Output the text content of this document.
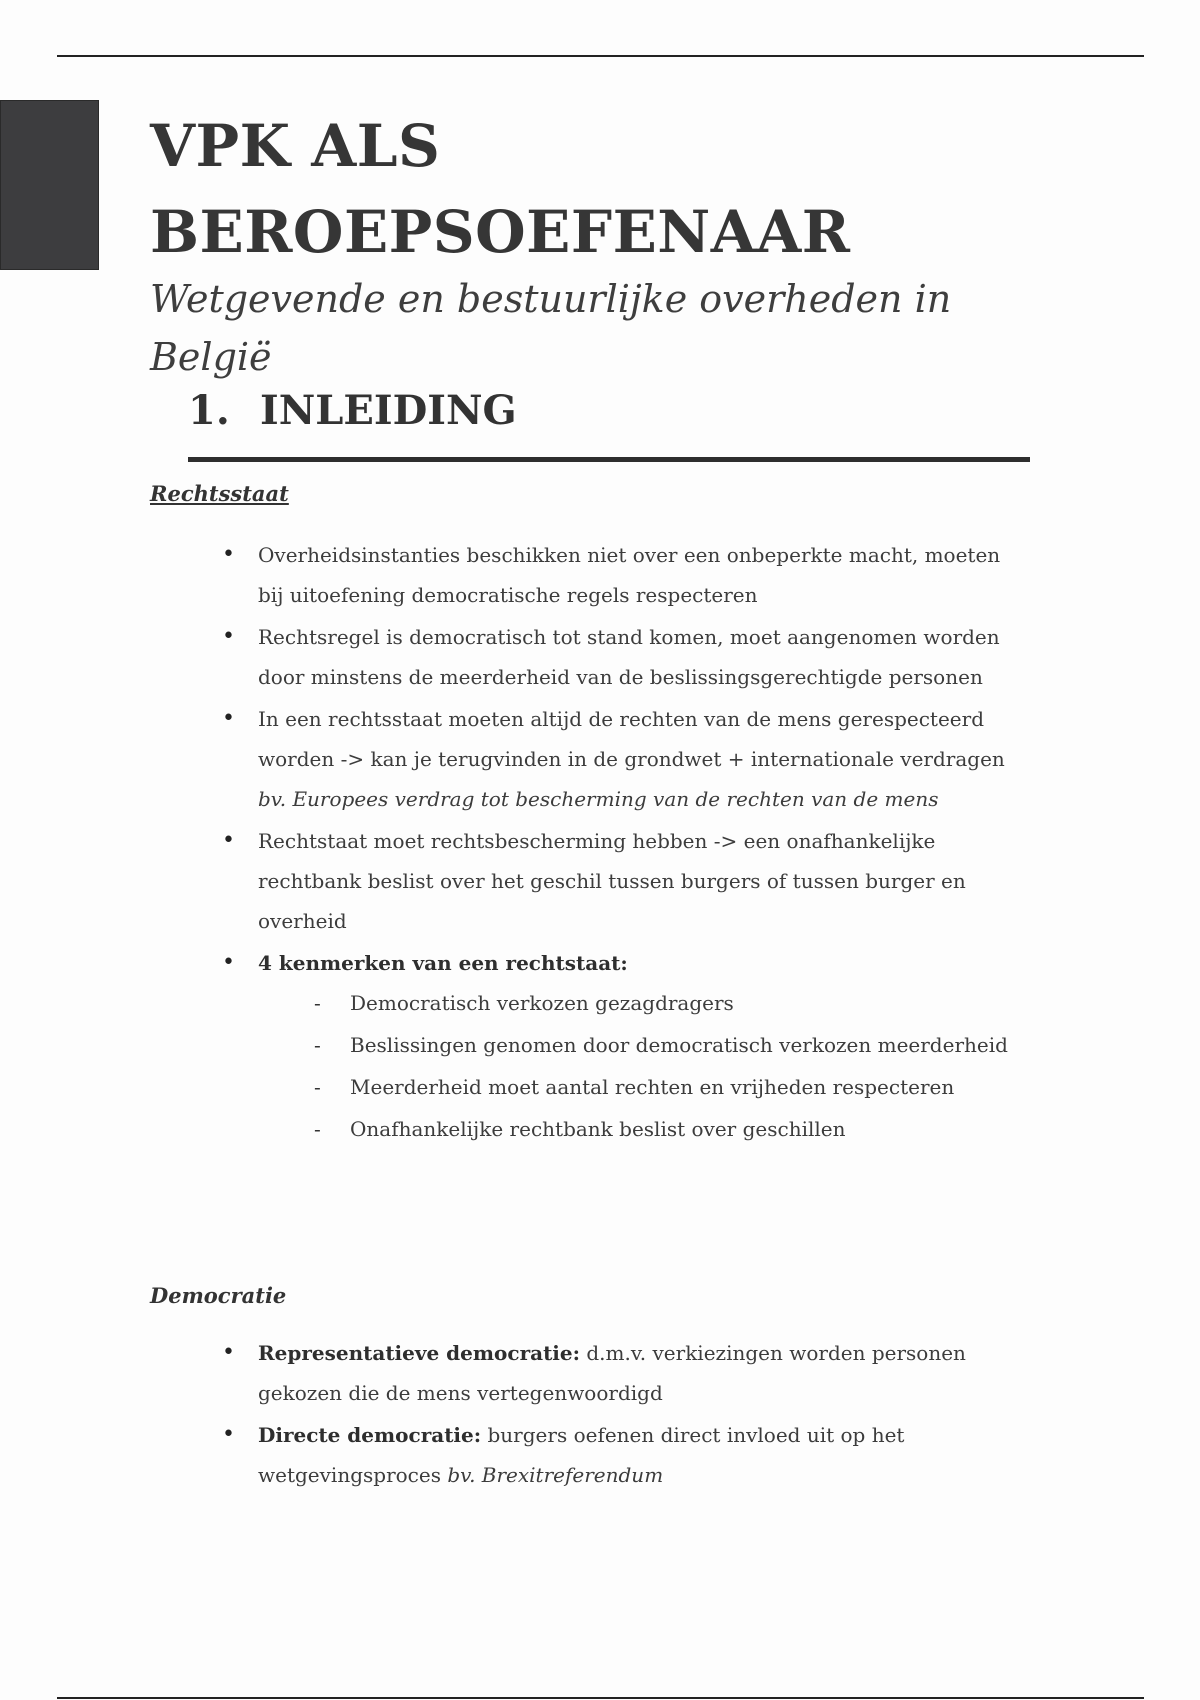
VPK ALS
BEROEPSOEFENAAR

Wetgevende en bestuurlijke overheden in België

1. INLEIDING

Rechtsstaat

• Overheidsinstanties beschikken niet over een onbeperkte macht, moeten bij uitoefening democratische regels respecteren
• Rechtsregel is democratisch tot stand komen, moet aangenomen worden door minstens de meerderheid van de beslissingsgerechtigde personen
• In een rechtsstaat moeten altijd de rechten van de mens gerespecteerd worden -> kan je terugvinden in de grondwet + internationale verdragen bv. Europees verdrag tot bescherming van de rechten van de mens
• Rechtstaat moet rechtsbescherming hebben -> een onafhankelijke rechtbank beslist over het geschil tussen burgers of tussen burger en overheid
• 4 kenmerken van een rechtstaat:
- Democratisch verkozen gezagdragers
- Beslissingen genomen door democratisch verkozen meerderheid
- Meerderheid moet aantal rechten en vrijheden respecteren
- Onafhankelijke rechtbank beslist over geschillen

Democratie

• Representatieve democratie: d.m.v. verkiezingen worden personen gekozen die de mens vertegenwoordigd
• Directe democratie: burgers oefenen direct invloed uit op het wetgevingsproces bv. Brexitreferendum
